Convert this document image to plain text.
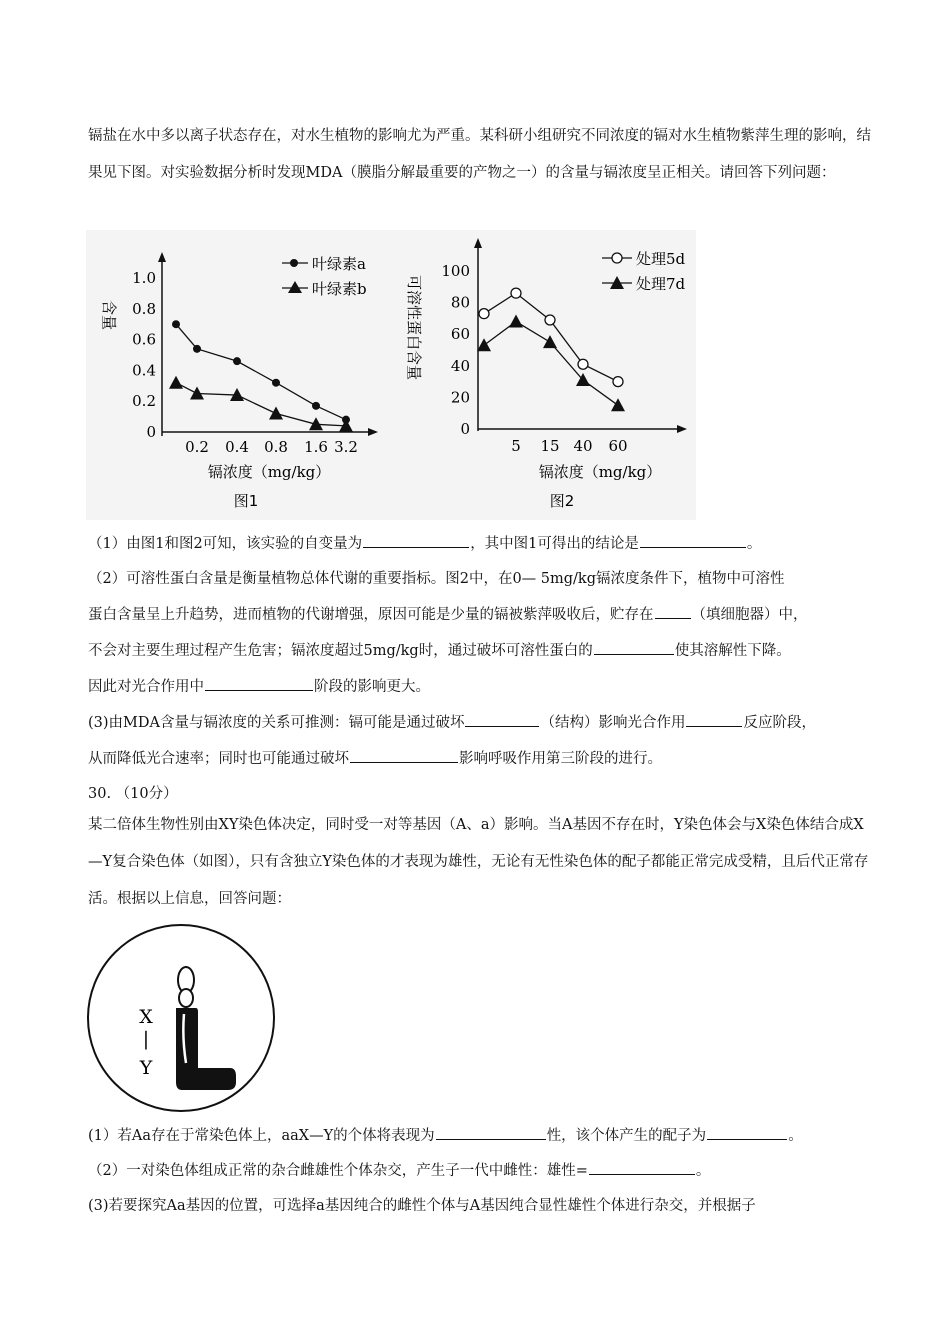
镉盐在水中多以离子状态存在，对水生植物的影响尤为严重。某科研小组研究不同浓度的镉对水生植物紫萍生理的影响，结果见下图。对实验数据分析时发现MDA（膜脂分解最重要的产物之一）的含量与镉浓度呈正相关。请回答下列问题：
含量
0
0.2
0.4
0.6
0.8
1.0
0.2 0.4 0.8 1.6 3.2
叶绿素a
叶绿素b
镉浓度（mg/kg）
图1
可溶性蛋白含量
0
20
40
60
80
100
5 15 40 60
处理5d
处理7d
镉浓度（mg/kg）
图2
（1）由图1和图2可知，该实验的自变量为	，其中图1可得出的结论是	。
（2）可溶性蛋白含量是衡量植物总体代谢的重要指标。图2中，在0— 5mg/kg镉浓度条件下，植物中可溶性
蛋白含量呈上升趋势，进而植物的代谢增强，原因可能是少量的镉被紫萍吸收后，贮存在	（填细胞器）中，
不会对主要生理过程产生危害；镉浓度超过5mg/kg时，通过破坏可溶性蛋白的	使其溶解性下降。
因此对光合作用中	阶段的影响更大。
(3)由MDA含量与镉浓度的关系可推测：镉可能是通过破坏	（结构）影响光合作用	反应阶段，
从而降低光合速率；同时也可能通过破坏	影响呼吸作用第三阶段的进行。
30. （10分）
某二倍体生物性别由XY染色体决定，同时受一对等基因（A、a）影响。当A基因不存在时，Y染色体会与X染色体结合成X—Y复合染色体（如图），只有含独立Y染色体的才表现为雄性，无论有无性染色体的配子都能正常完成受精，且后代正常存活。根据以上信息，回答问题：
X
|
Y
(1）若Aa存在于常染色体上，aaX—Y的个体将表现为	性，该个体产生的配子为	。
（2）一对染色体组成正常的杂合雌雄性个体杂交，产生子一代中雌性：雄性=	。
(3)若要探究Aa基因的位置，可选择a基因纯合的雌性个体与A基因纯合显性雄性个体进行杂交，并根据子
